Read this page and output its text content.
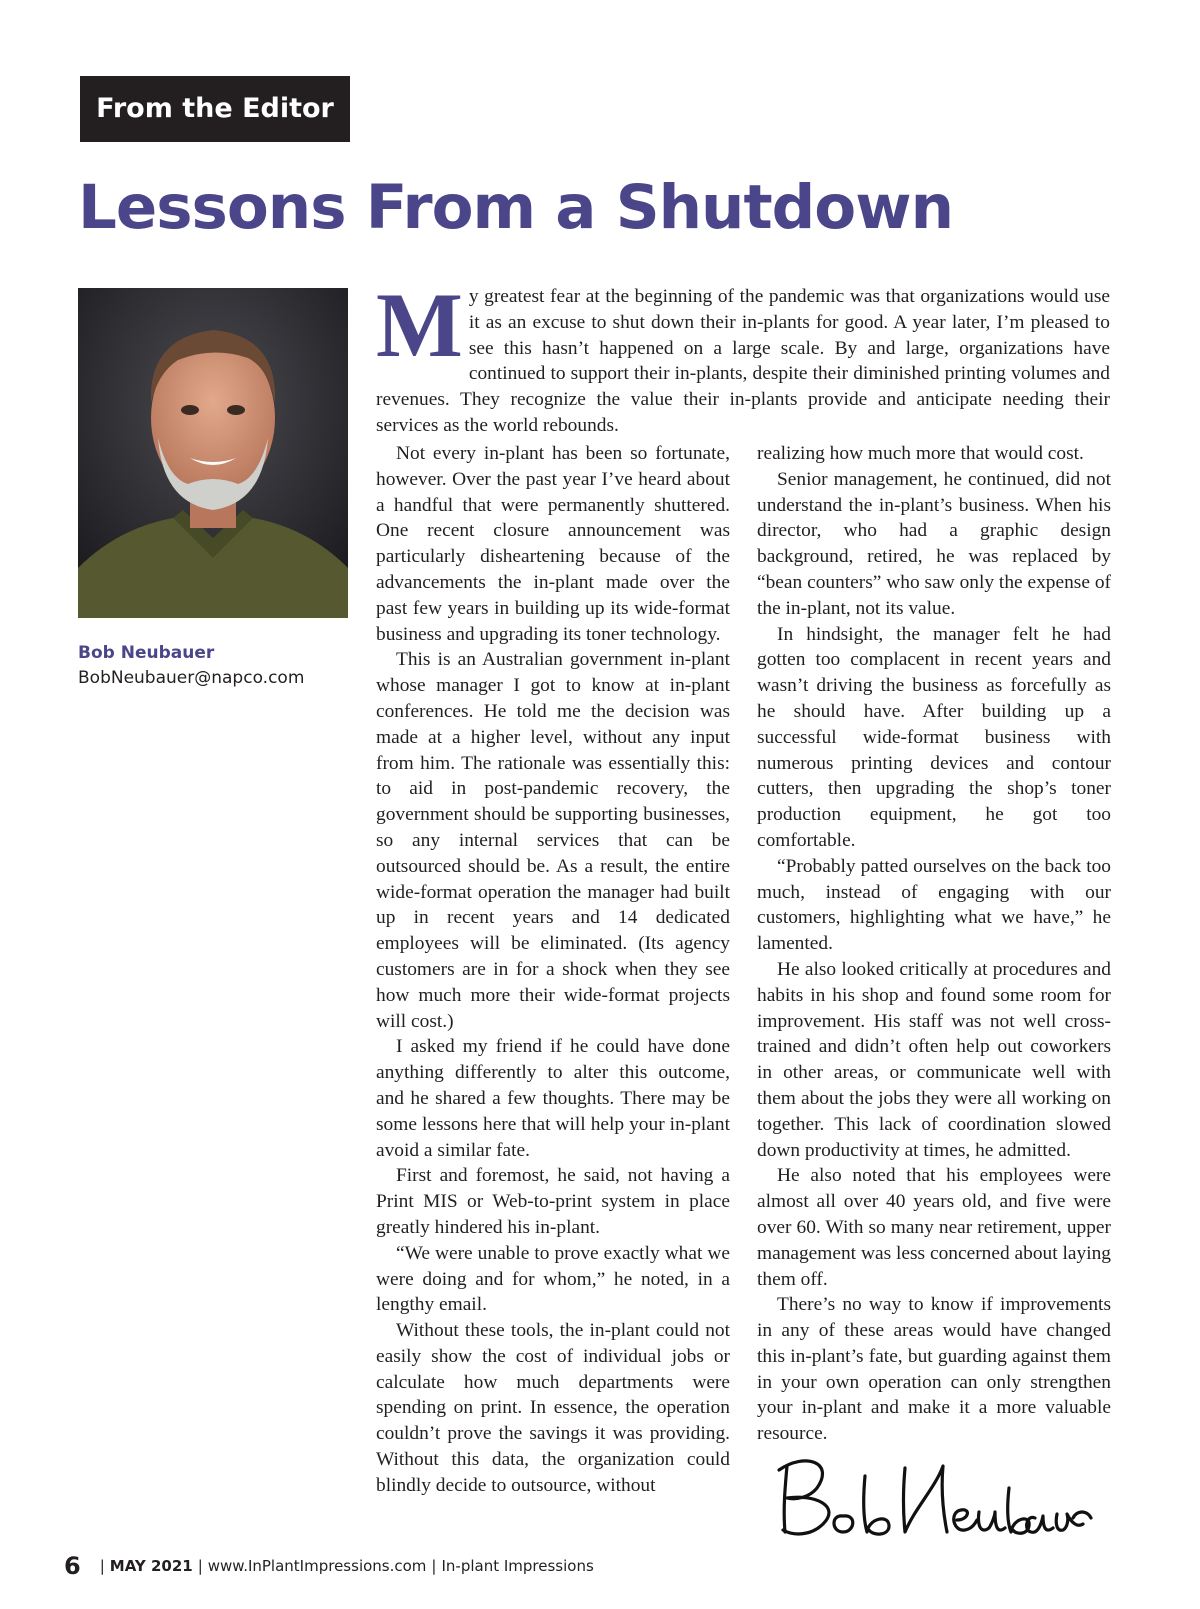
From the Editor
Lessons From a Shutdown
Bob Neubauer
BobNeubauer@napco.com

My greatest fear at the beginning of the pandemic was that organizations would use it as an excuse to shut down their in-plants for good. A year later, I’m pleased to see this hasn’t happened on a large scale. By and large, organizations have continued to support their in-plants, despite their diminished printing volumes and revenues. They recognize the value their in-plants provide and anticipate needing their services as the world rebounds.

Not every in-plant has been so fortunate, however. Over the past year I’ve heard about a handful that were permanently shuttered. One recent closure announcement was particularly disheartening because of the advancements the in-plant made over the past few years in building up its wide-format business and upgrading its toner technology.

This is an Australian government in-plant whose manager I got to know at in-plant conferences. He told me the decision was made at a higher level, without any input from him. The rationale was essentially this: to aid in post-pandemic recovery, the government should be supporting businesses, so any internal services that can be outsourced should be. As a result, the entire wide-format operation the manager had built up in recent years and 14 dedicated employees will be eliminated. (Its agency customers are in for a shock when they see how much more their wide-format projects will cost.)

I asked my friend if he could have done anything differently to alter this outcome, and he shared a few thoughts. There may be some lessons here that will help your in-plant avoid a similar fate.

First and foremost, he said, not having a Print MIS or Web-to-print system in place greatly hindered his in-plant.

“We were unable to prove exactly what we were doing and for whom,” he noted, in a lengthy email.

Without these tools, the in-plant could not easily show the cost of individual jobs or calculate how much departments were spending on print. In essence, the operation couldn’t prove the savings it was providing. Without this data, the organization could blindly decide to outsource, without

realizing how much more that would cost.

Senior management, he continued, did not understand the in-plant’s business. When his director, who had a graphic design background, retired, he was replaced by “bean counters” who saw only the expense of the in-plant, not its value.

In hindsight, the manager felt he had gotten too complacent in recent years and wasn’t driving the business as forcefully as he should have. After building up a successful wide-format business with numerous printing devices and contour cutters, then upgrading the shop’s toner production equipment, he got too comfortable.

“Probably patted ourselves on the back too much, instead of engaging with our customers, highlighting what we have,” he lamented.

He also looked critically at procedures and habits in his shop and found some room for improvement. His staff was not well cross-trained and didn’t often help out coworkers in other areas, or communicate well with them about the jobs they were all working on together. This lack of coordination slowed down productivity at times, he admitted.

He also noted that his employees were almost all over 40 years old, and five were over 60. With so many near retirement, upper management was less concerned about laying them off.

There’s no way to know if improvements in any of these areas would have changed this in-plant’s fate, but guarding against them in your own operation can only strengthen your in-plant and make it a more valuable resource.

6 | MAY 2021 | www.InPlantImpressions.com | In-plant Impressions
